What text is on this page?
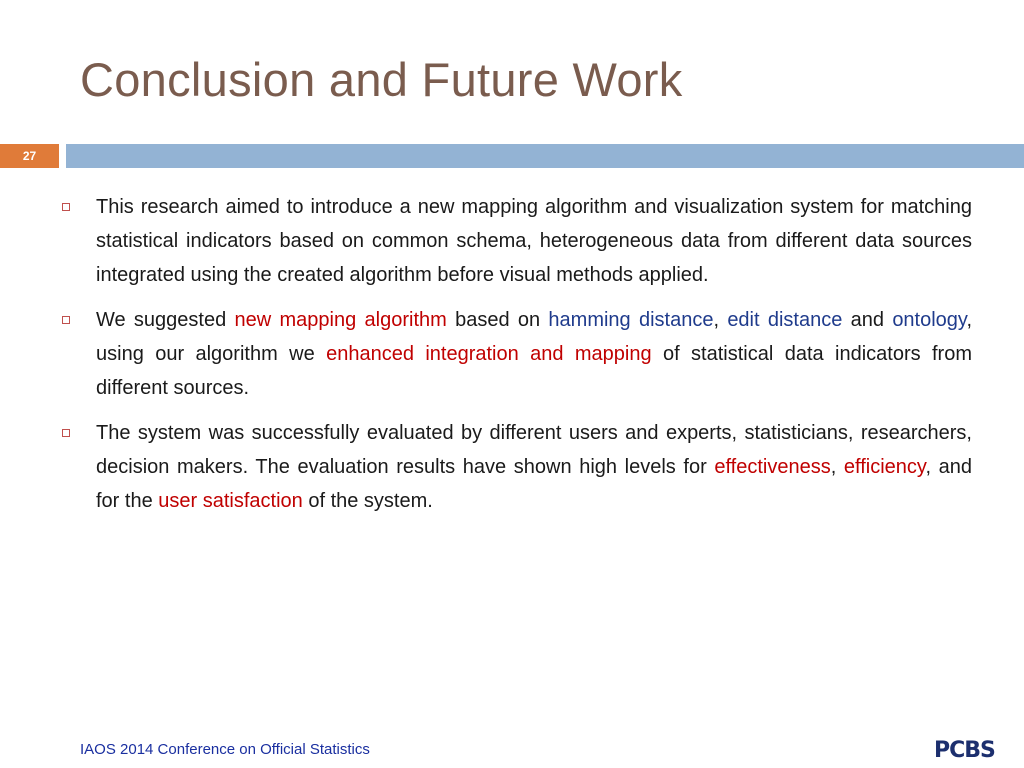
Conclusion and Future Work
27

This research aimed to introduce a new mapping algorithm and visualization system for matching statistical indicators based on common schema, heterogeneous data from different data sources integrated using the created algorithm before visual methods applied.

We suggested new mapping algorithm based on hamming distance, edit distance and ontology, using our algorithm we enhanced integration and mapping of statistical data indicators from different sources.

The system was successfully evaluated by different users and experts, statisticians, researchers, decision makers. The evaluation results have shown high levels for effectiveness, efficiency, and for the user satisfaction of the system.

IAOS 2014 Conference on Official Statistics	PCBS
